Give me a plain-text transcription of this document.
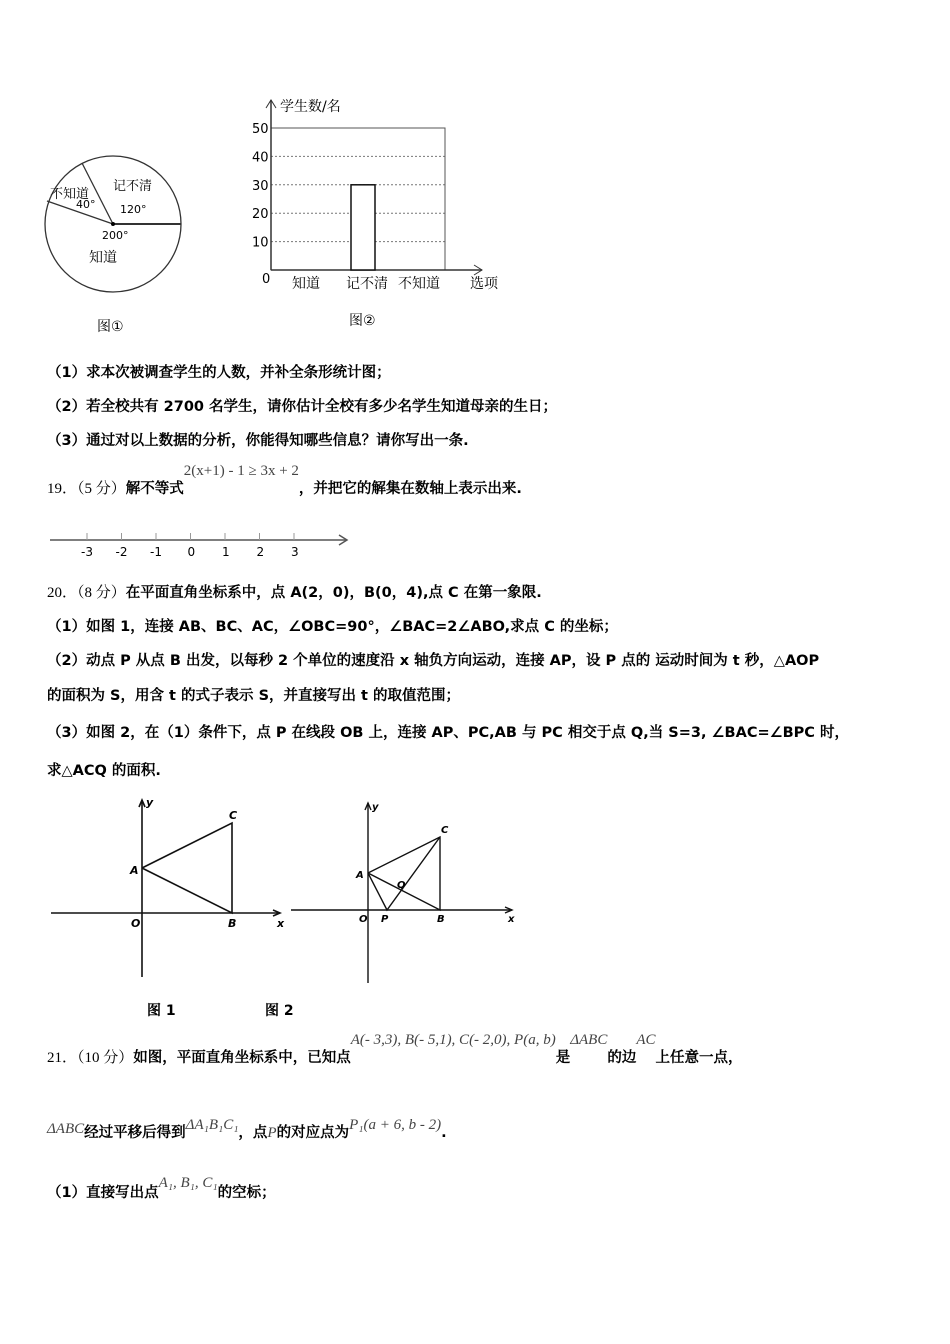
记不清
120°
不知道
40°
知道
200°
图①
0
10
20
30
40
50
学生数/名
选项
知道 记不清 不知道
图②
-3 -2 -1 0 1 2 3
y
C
A
O	B	x
y
C
A
Q
O P	B	x
图 1	图 2
（1）求本次被调查学生的人数，并补全条形统计图；
（2）若全校共有 2700 名学生，请你估计全校有多少名学生知道母亲的生日；
（3）通过对以上数据的分析，你能得知哪些信息？请你写出一条.
19．（5 分）解不等式2(x+1) - 1 ≥ 3x + 2，并把它的解集在数轴上表示出来.
20．（8 分）在平面直角坐标系中，点 A(2，0)，B(0，4),点 C 在第一象限.
（1）如图 1，连接 AB、BC、AC，∠OBC=90°，∠BAC=2∠ABO,求点 C 的坐标；
（2）动点 P 从点 B 出发，以每秒 2 个单位的速度沿 x 轴负方向运动，连接 AP，设 P 点的 运动时间为 t 秒，△AOP
的面积为 S，用含 t 的式子表示 S，并直接写出 t 的取值范围；
（3）如图 2，在（1）条件下，点 P 在线段 OB 上，连接 AP、PC,AB 与 PC 相交于点 Q,当 S=3, ∠BAC=∠BPC 时，
求△ACQ 的面积.
21．（10 分）如图，平面直角坐标系中，已知点A(- 3,3), B(- 5,1), C(- 2,0), P(a, b)是ΔABC的边AC上任意一点，
ΔABC经过平移后得到ΔA₁B₁C₁，点P的对应点为P₁(a + 6, b - 2).
（1）直接写出点A₁, B₁, C₁的空标；
